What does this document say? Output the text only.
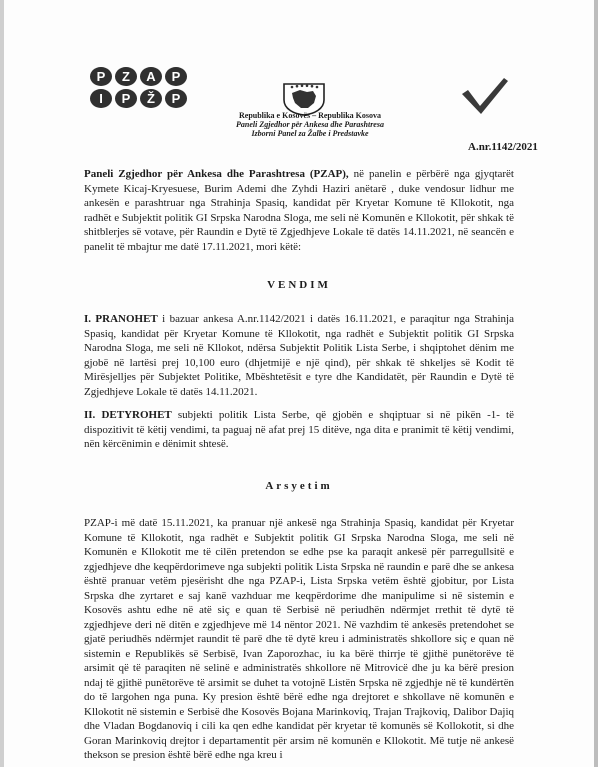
P	Z	A	P
I	P	Ž	P
Republika e Kosovës – Republika Kosova
Paneli Zgjedhor për Ankesa dhe Parashtresa
Izborni Panel za Žalbe i Predstavke
A.nr.1142/2021
Paneli Zgjedhor për Ankesa dhe Parashtresa (PZAP), në panelin e përbërë nga gjyqtarët Kymete Kicaj-Kryesuese, Burim Ademi dhe Zyhdi Haziri anëtarë , duke vendosur lidhur me ankesën e parashtruar nga Strahinja Spasiq, kandidat për Kryetar Komune të Kllokotit, nga radhët e Subjektit politik GI Srpska Narodna Sloga, me seli në Komunën e Kllokotit, për shkak të shitblerjes së votave, për Raundin e Dytë të Zgjedhjeve Lokale të datës 14.11.2021, në seancën e panelit të mbajtur me datë 17.11.2021, mori këtë:
VENDIM
I. PRANOHET i bazuar ankesa A.nr.1142/2021 i datës 16.11.2021, e paraqitur nga Strahinja Spasiq, kandidat për Kryetar Komune të Kllokotit, nga radhët e Subjektit politik GI Srpska Narodna Sloga, me seli në Kllokot, ndërsa Subjektit Politik Lista Serbe, i shqiptohet dënim me gjobë në lartësi prej 10,100 euro (dhjetmijë e një qind), për shkak të shkeljes së Kodit të Mirësjelljes për Subjektet Politike, Mbështetësit e tyre dhe Kandidatët, për Raundin e Dytë të Zgjedhjeve Lokale të datës 14.11.2021.
II. DETYROHET subjekti politik Lista Serbe, që gjobën e shqiptuar si në pikën -1- të dispozitivit të këtij vendimi, ta paguaj në afat prej 15 ditëve, nga dita e pranimit të këtij vendimi, nën kërcënimin e dënimit shtesë.
Arsyetim
PZAP-i më datë 15.11.2021, ka pranuar një ankesë nga Strahinja Spasiq, kandidat për Kryetar Komune të Kllokotit, nga radhët e Subjektit politik GI Srpska Narodna Sloga, me seli në Komunën e Kllokotit me të cilën pretendon se edhe pse ka paraqit ankesë për parregullsitë e zgjedhjeve dhe keqpërdorimeve nga subjekti politik Lista Srpska në raundin e parë dhe se ankesa është pranuar vetëm pjesërisht dhe nga PZAP-i, Lista Srpska vetëm është gjobitur, por Lista Srpska dhe zyrtaret e saj kanë vazhduar me keqpërdorime dhe manipulime si në sistemin e Kosovës ashtu edhe në atë siç e quan të Serbisë në periudhën ndërmjet rrethit të dytë të zgjedhjeve deri në ditën e zgjedhjeve më 14 nëntor 2021. Në vazhdim të ankesës pretendohet se gjatë periudhës ndërmjet raundit të parë dhe të dytë kreu i administratës shkollore siç e quan në sistemin e Republikës së Serbisë, Ivan Zaporozhac, iu ka bërë thirrje të gjithë punëtorëve të arsimit që të paraqiten në selinë e administratës shkollore në Mitrovicë dhe ju ka bërë presion ndaj të gjithë punëtorëve të arsimit se duhet ta votojnë Listën Srpska në zgjedhje në të kundërtën do të largohen nga puna. Ky presion është bërë edhe nga drejtoret e shkollave në komunën e Kllokotit në sistemin e Serbisë dhe Kosovës Bojana Marinkoviq, Trajan Trajkoviq, Dalibor Dajiq dhe Vladan Bogdanoviq i cili ka qen edhe kandidat për kryetar të komunës së Kollokotit, si dhe Goran Marinkoviq drejtor i departamentit për arsim në komunën e Kllokotit. Më tutje në ankesë thekson se presion është bërë edhe nga kreu i
